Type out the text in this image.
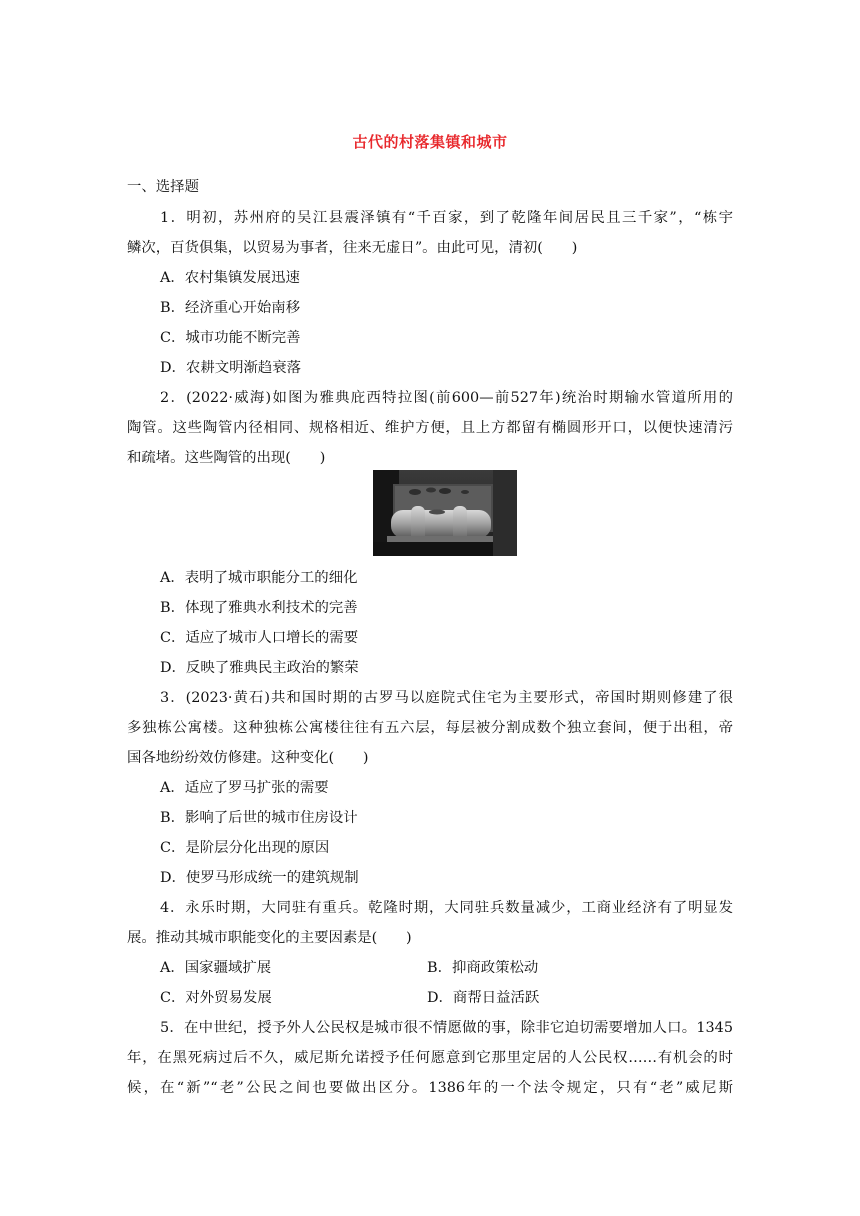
古代的村落集镇和城市
一、选择题
1．明初，苏州府的吴江县震泽镇有“千百家，到了乾隆年间居民且三千家”，“栋宇
鳞次，百货俱集，以贸易为事者，往来无虚日”。由此可见，清初(　　)
A．农村集镇发展迅速
B．经济重心开始南移
C．城市功能不断完善
D．农耕文明渐趋衰落
2．(2022·威海)如图为雅典庇西特拉图(前600—前527年)统治时期输水管道所用的
陶管。这些陶管内径相同、规格相近、维护方便，且上方都留有椭圆形开口，以便快速清污
和疏堵。这些陶管的出现(　　)
A．表明了城市职能分工的细化
B．体现了雅典水利技术的完善
C．适应了城市人口增长的需要
D．反映了雅典民主政治的繁荣
3．(2023·黄石)共和国时期的古罗马以庭院式住宅为主要形式，帝国时期则修建了很
多独栋公寓楼。这种独栋公寓楼往往有五六层，每层被分割成数个独立套间，便于出租，帝
国各地纷纷效仿修建。这种变化(　　)
A．适应了罗马扩张的需要
B．影响了后世的城市住房设计
C．是阶层分化出现的原因
D．使罗马形成统一的建筑规制
4．永乐时期，大同驻有重兵。乾隆时期，大同驻兵数量减少，工商业经济有了明显发
展。推动其城市职能变化的主要因素是(　　)
A．国家疆域扩展	B．抑商政策松动
C．对外贸易发展	D．商帮日益活跃
5．在中世纪，授予外人公民权是城市很不情愿做的事，除非它迫切需要增加人口。1345
年，在黑死病过后不久，威尼斯允诺授予任何愿意到它那里定居的人公民权……有机会的时
候，在“新”“老”公民之间也要做出区分。1386年的一个法令规定，只有“老”威尼斯
